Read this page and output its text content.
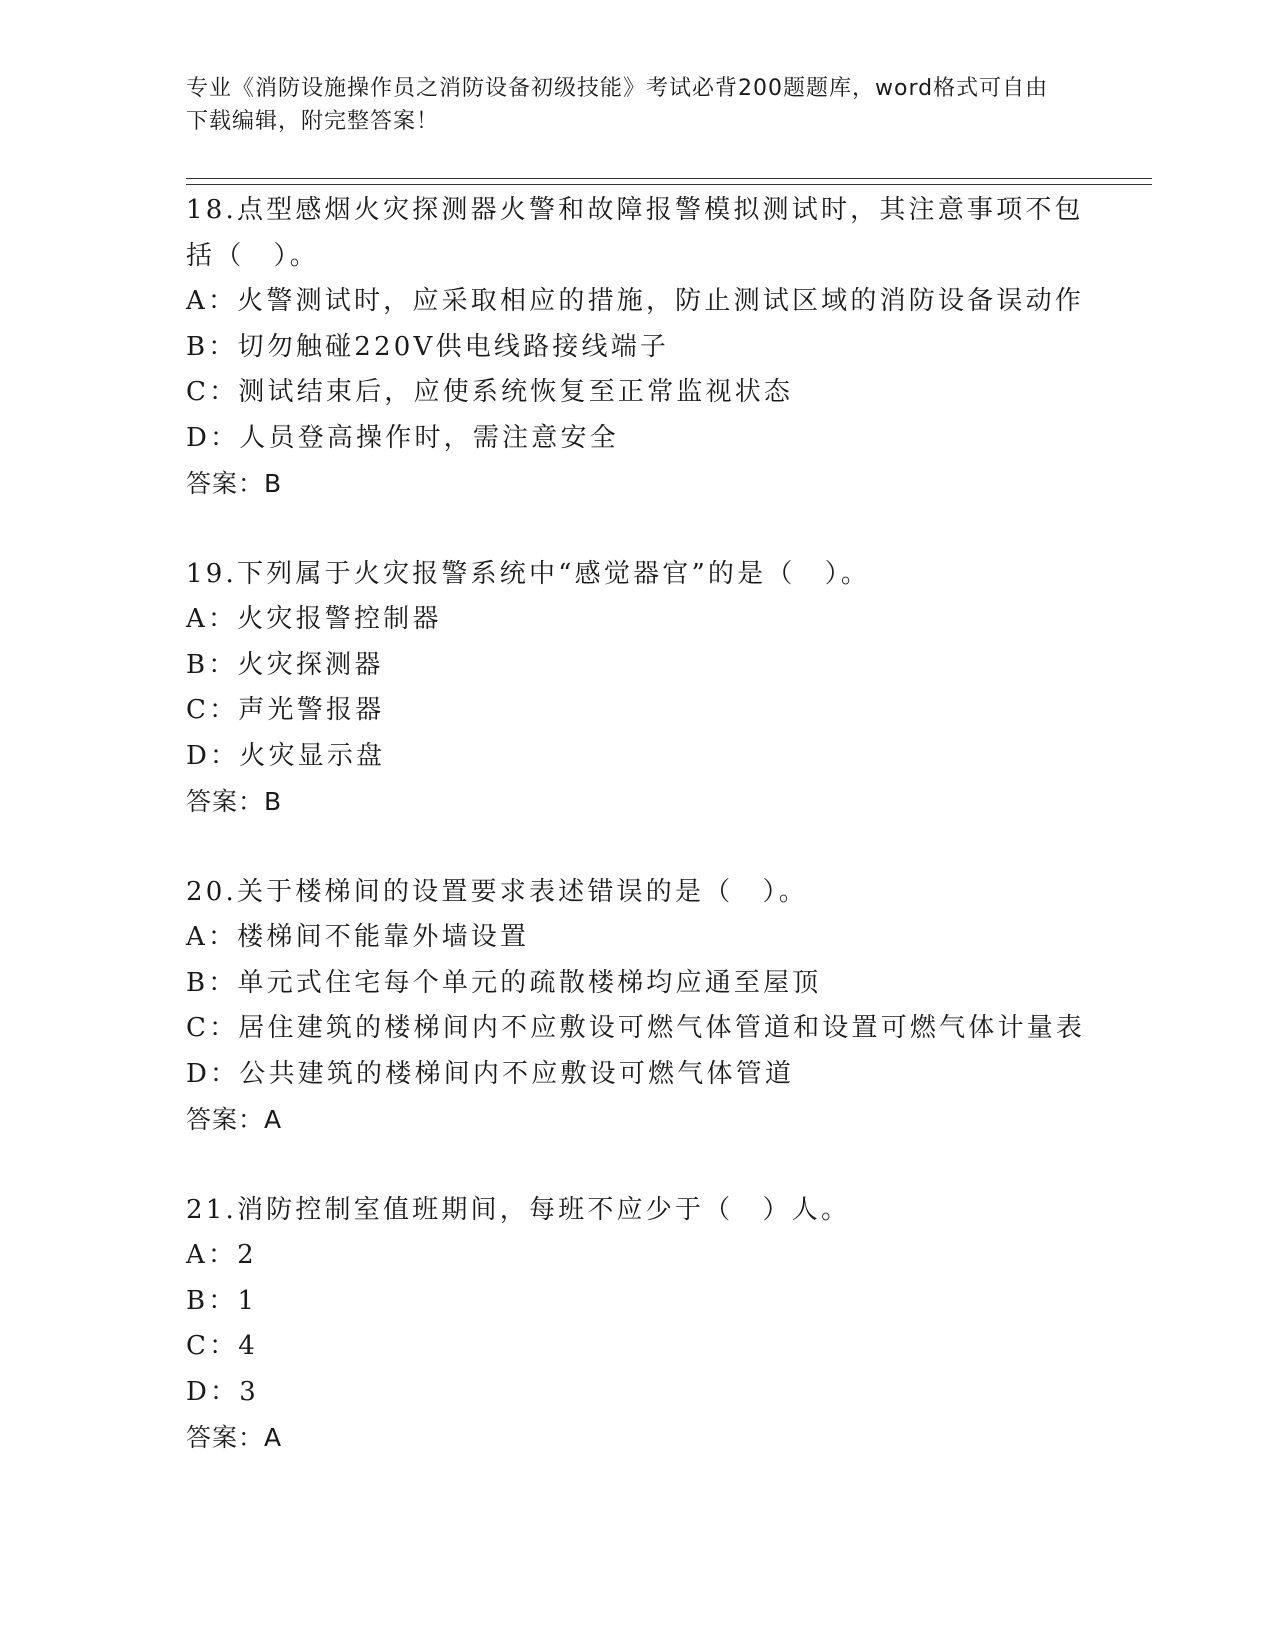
专业《消防设施操作员之消防设备初级技能》考试必背200题题库，word格式可自由下载编辑，附完整答案！
18.点型感烟火灾探测器火警和故障报警模拟测试时，其注意事项不包
括（　）。
A：火警测试时，应采取相应的措施，防止测试区域的消防设备误动作
B：切勿触碰220V供电线路接线端子
C：测试结束后，应使系统恢复至正常监视状态
D：人员登高操作时，需注意安全
答案：B
19.下列属于火灾报警系统中“感觉器官”的是（　）。
A：火灾报警控制器
B：火灾探测器
C：声光警报器
D：火灾显示盘
答案：B
20.关于楼梯间的设置要求表述错误的是（　）。
A：楼梯间不能靠外墙设置
B：单元式住宅每个单元的疏散楼梯均应通至屋顶
C：居住建筑的楼梯间内不应敷设可燃气体管道和设置可燃气体计量表
D：公共建筑的楼梯间内不应敷设可燃气体管道
答案：A
21.消防控制室值班期间，每班不应少于（　）人。
A：2
B：1
C：4
D：3
答案：A
